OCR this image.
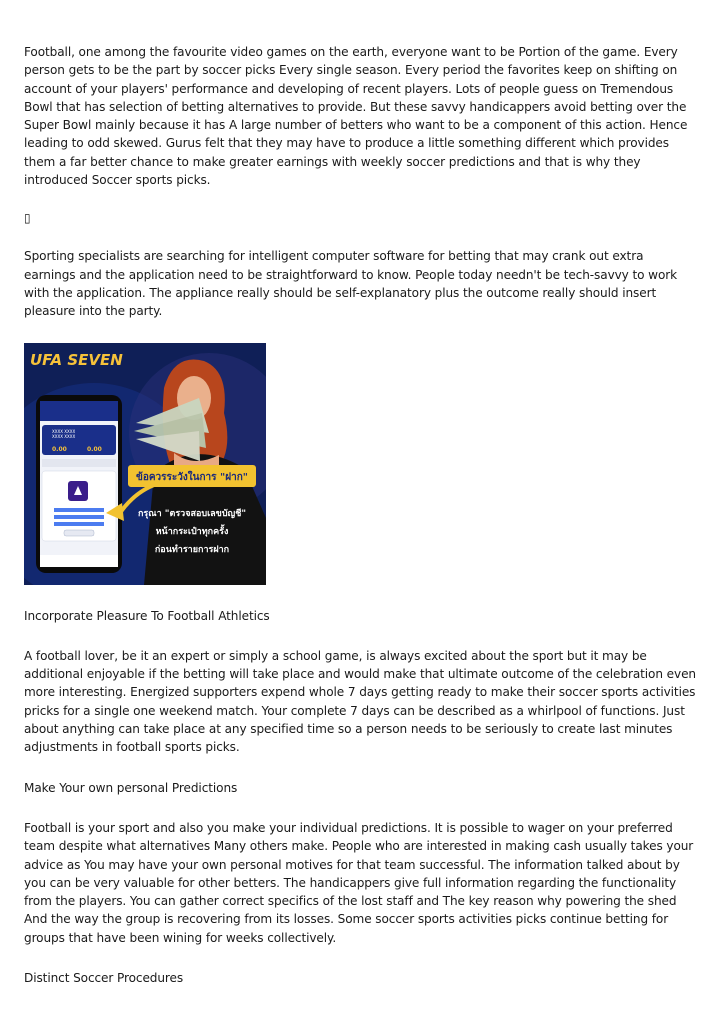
Football, one among the favourite video games on the earth, everyone want to be Portion of the game. Every person gets to be the part by soccer picks Every single season. Every period the favorites keep on shifting on account of your players' performance and developing of recent players. Lots of people guess on Tremendous Bowl that has selection of betting alternatives to provide. But these savvy handicappers avoid betting over the Super Bowl mainly because it has A large number of betters who want to be a component of this action. Hence leading to odd skewed. Gurus felt that they may have to produce a little something different which provides them a far better chance to make greater earnings with weekly soccer predictions and that is why they introduced Soccer sports picks.

▯

Sporting specialists are searching for intelligent computer software for betting that may crank out extra earnings and the application need to be straightforward to know. People today needn't be tech-savvy to work with the application. The appliance really should be self-explanatory plus the outcome really should insert pleasure into the party.

UFA SEVEN
XXXX XXXX
XXXX XXXX
0.00	0.00
ข้อควรระวังในการ "ฝาก"
กรุณา "ตรวจสอบเลขบัญชี"
หน้ากระเป๋าทุกครั้ง
ก่อนทำรายการฝาก

Incorporate Pleasure To Football Athletics

A football lover, be it an expert or simply a school game, is always excited about the sport but it may be additional enjoyable if the betting will take place and would make that ultimate outcome of the celebration even more interesting. Energized supporters expend whole 7 days getting ready to make their soccer sports activities pricks for a single one weekend match. Your complete 7 days can be described as a whirlpool of functions. Just about anything can take place at any specified time so a person needs to be seriously to create last minutes adjustments in football sports picks.

Make Your own personal Predictions

Football is your sport and also you make your individual predictions. It is possible to wager on your preferred team despite what alternatives Many others make. People who are interested in making cash usually takes your advice as You may have your own personal motives for that team successful. The information talked about by you can be very valuable for other betters. The handicappers give full information regarding the functionality from the players. You can gather correct specifics of the lost staff and The key reason why powering the shed And the way the group is recovering from its losses. Some soccer sports activities picks continue betting for groups that have been wining for weeks collectively.

Distinct Soccer Procedures
